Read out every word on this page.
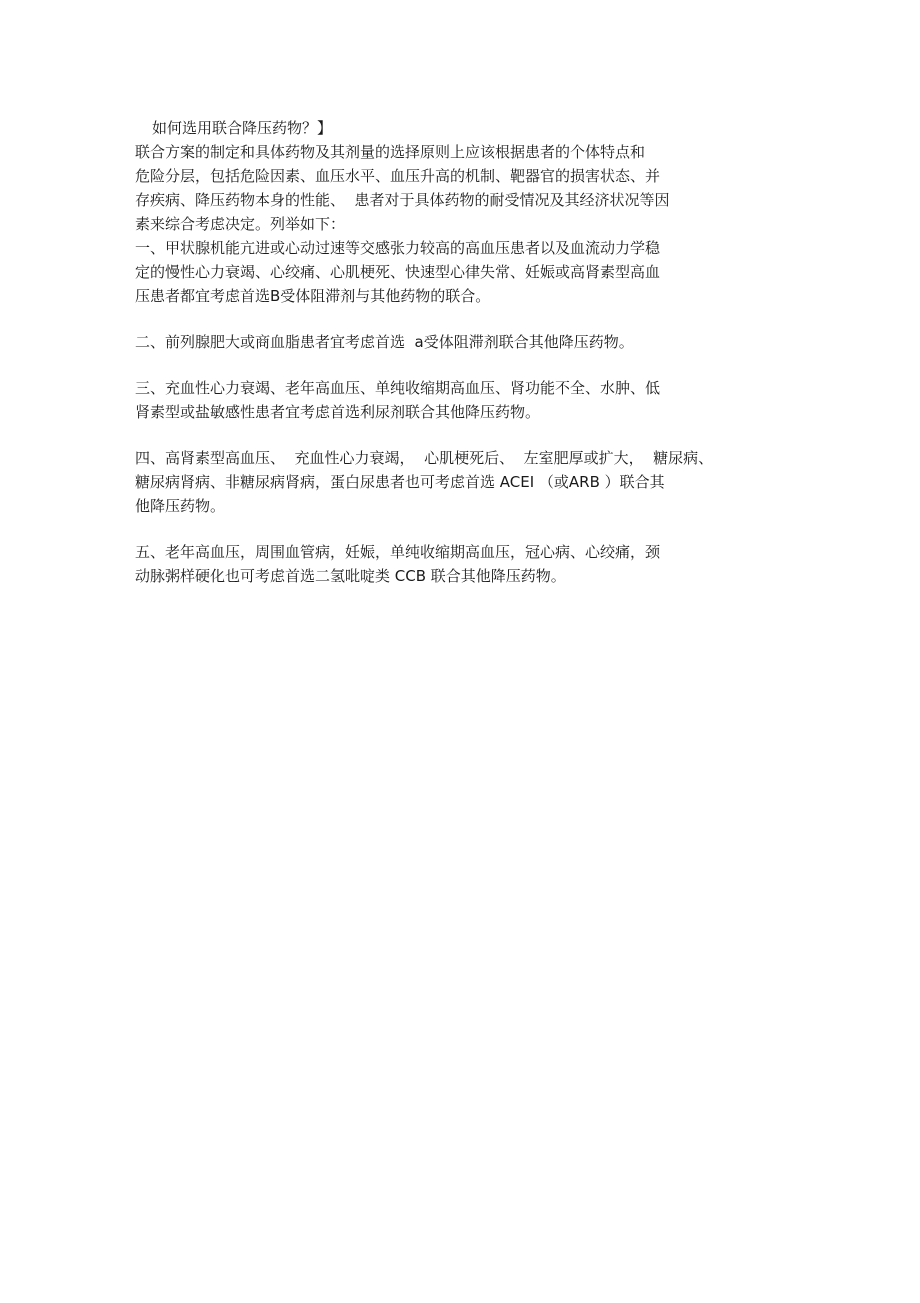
如何选用联合降压药物？】
联合方案的制定和具体药物及其剂量的选择原则上应该根据患者的个体特点和
危险分层，包括危险因素、血压水平、血压升高的机制、靶器官的损害状态、并
存疾病、降压药物本身的性能、  患者对于具体药物的耐受情况及其经济状况等因
素来综合考虑决定。列举如下：
一、甲状腺机能亢进或心动过速等交感张力较高的高血压患者以及血流动力学稳
定的慢性心力衰竭、心绞痛、心肌梗死、快速型心律失常、妊娠或高肾素型高血
压患者都宜考虑首选B受体阻滞剂与其他药物的联合。
二、前列腺肥大或商血脂患者宜考虑首选  a受体阻滞剂联合其他降压药物。
三、充血性心力衰竭、老年高血压、单纯收缩期高血压、肾功能不全、水肿、低
肾素型或盐敏感性患者宜考虑首选利尿剂联合其他降压药物。
四、高肾素型高血压、  充血性心力衰竭，  心肌梗死后、  左室肥厚或扩大，  糖尿病、
糖尿病肾病、非糖尿病肾病，蛋白尿患者也可考虑首选 ACEI （或ARB ）联合其
他降压药物。
五、老年高血压，周围血管病，妊娠，单纯收缩期高血压，冠心病、心绞痛，颈
动脉粥样硬化也可考虑首选二氢吡啶类 CCB 联合其他降压药物。
